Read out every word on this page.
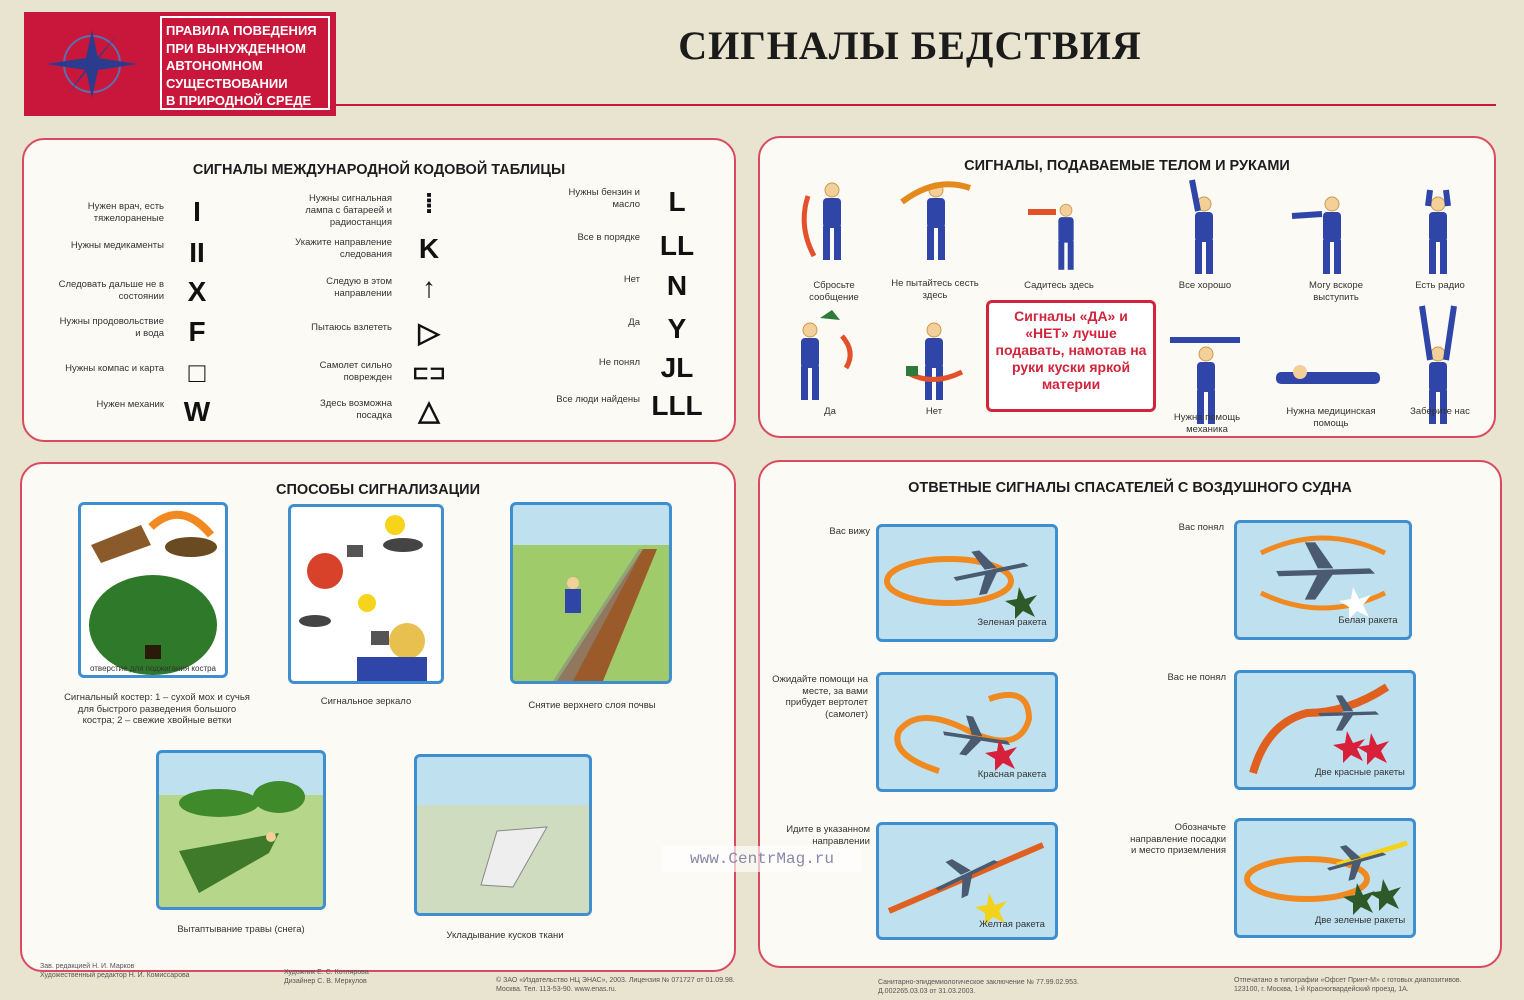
ПРАВИЛА ПОВЕДЕНИЯ
ПРИ ВЫНУЖДЕННОМ
АВТОНОМНОМ
СУЩЕСТВОВАНИИ
В ПРИРОДНОЙ СРЕДЕ
СИГНАЛЫ БЕДСТВИЯ
СИГНАЛЫ МЕЖДУНАРОДНОЙ КОДОВОЙ ТАБЛИЦЫ
Нужен врач, есть тяжелораненые	I
Нужны медикаменты II
Следовать дальше не в состоянии X
Нужны продовольствие и вода F
Нужны компас и карта □
Нужен механик W
Нужны сигнальная лампа с батареей и радиостанция
⁞
Укажите направление следования K
Следую в этом направлении	↑
Пытаюсь взлететь ▷
Самолет сильно поврежден ⊏⊐
Здесь возможна посадка △
Нужны бензин и масло	L
Все в порядке LL
Нет N
Да Y
Не понял JL
Все люди найдены LLL
СИГНАЛЫ, ПОДАВАЕМЫЕ ТЕЛОМ И РУКАМИ
Сбросьте сообщение
Не пытайтесь сесть здесь
Садитесь здесь	Все хорошо	Могу вскоре выступить
Есть радио
Да	Нет
Нужна помощь механика
Нужна медицинская помощь
Заберите нас
Сигналы «ДА» и «НЕТ» лучше подавать, намотав на руки куски яркой материи
СПОСОБЫ СИГНАЛИЗАЦИИ
отверстие для поджигания костра
Сигнальный костер: 1 – сухой мох и сучья для быстрого разведения большого костра; 2 – свежие хвойные ветки
Сигнальное зеркало	Снятие верхнего слоя почвы
Вытаптывание травы (снега)
Укладывание кусков ткани
ОТВЕТНЫЕ СИГНАЛЫ СПАСАТЕЛЕЙ С ВОЗДУШНОГО СУДНА
Вас вижу
Зеленая ракета
Вас понял
Белая ракета
Ожидайте помощи на месте, за вами прибудет вертолет (самолет)
Красная ракета
Вас не понял
Две красные ракеты
Идите в указанном направлении
Желтая ракета
Обозначьте направление посадки и место приземления
Две зеленые ракеты
www.CentrMag.ru
Зав. редакцией Н. И. Марков
Художественный редактор Н. И. Комиссарова	Художник Е. С. Котлярова
Дизайнер С. В. Меркулов	© ЗАО «Издательство НЦ ЭНАС», 2003. Лицензия № 071727 от 01.09.98.
Москва. Тел. 113-53-90. www.enas.ru.
Санитарно-эпидемиологическое заключение № 77.99.02.953.
Д.002265.03.03 от 31.03.2003.
Отпечатано в типографии «Офсет Принт-М» с готовых диапозитивов.
123100, г. Москва, 1-й Красногвардейский проезд, 1А.
